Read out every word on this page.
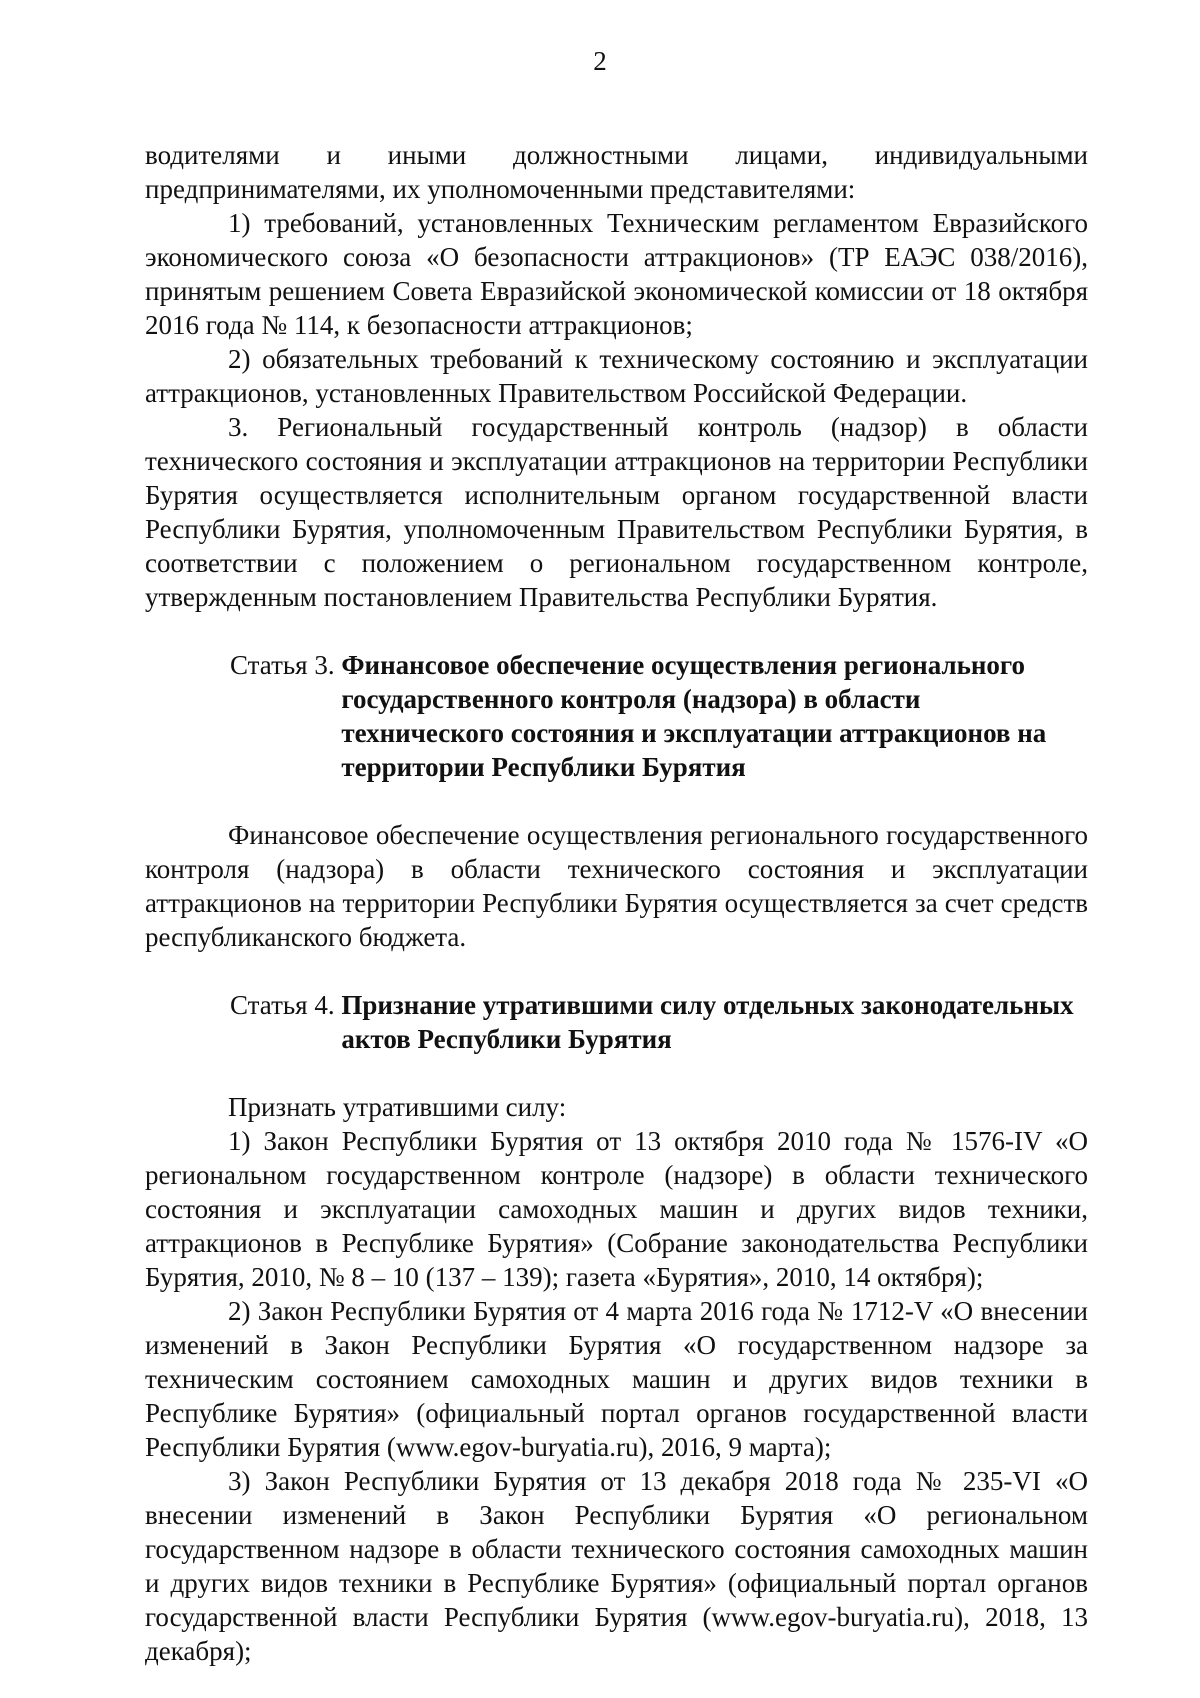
2

водителями и иными должностными лицами, индивидуальными предпринимателями, их уполномоченными представителями:

1) требований, установленных Техническим регламентом Евразийского экономического союза «О безопасности аттракционов» (ТР ЕАЭС 038/2016), принятым решением Совета Евразийской экономической комиссии от 18 октября 2016 года № 114, к безопасности аттракционов;

2) обязательных требований к техническому состоянию и эксплуатации аттракционов, установленных Правительством Российской Федерации.

3. Региональный государственный контроль (надзор) в области технического состояния и эксплуатации аттракционов на территории Республики Бурятия осуществляется исполнительным органом государственной власти Республики Бурятия, уполномоченным Правительством Республики Бурятия, в соответствии с положением о региональном государственном контроле, утвержденным постановлением Правительства Республики Бурятия.

Статья 3. Финансовое обеспечение осуществления регионального государственного контроля (надзора) в области технического состояния и эксплуатации аттракционов на территории Республики Бурятия

Финансовое обеспечение осуществления регионального государственного контроля (надзора) в области технического состояния и эксплуатации аттракционов на территории Республики Бурятия осуществляется за счет средств республиканского бюджета.

Статья 4. Признание утратившими силу отдельных законодательных актов Республики Бурятия

Признать утратившими силу:

1) Закон Республики Бурятия от 13 октября 2010 года № 1576-IV «О региональном государственном контроле (надзоре) в области технического состояния и эксплуатации самоходных машин и других видов техники, аттракционов в Республике Бурятия» (Собрание законодательства Республики Бурятия, 2010, № 8 – 10 (137 – 139); газета «Бурятия», 2010, 14 октября);

2) Закон Республики Бурятия от 4 марта 2016 года № 1712-V «О внесении изменений в Закон Республики Бурятия «О государственном надзоре за техническим состоянием самоходных машин и других видов техники в Республике Бурятия» (официальный портал органов государственной власти Республики Бурятия (www.egov-buryatia.ru), 2016, 9 марта);

3) Закон Республики Бурятия от 13 декабря 2018 года № 235-VI «О внесении изменений в Закон Республики Бурятия «О региональном государственном надзоре в области технического состояния самоходных машин и других видов техники в Республике Бурятия» (официальный портал органов государственной власти Республики Бурятия (www.egov-buryatia.ru), 2018, 13 декабря);
